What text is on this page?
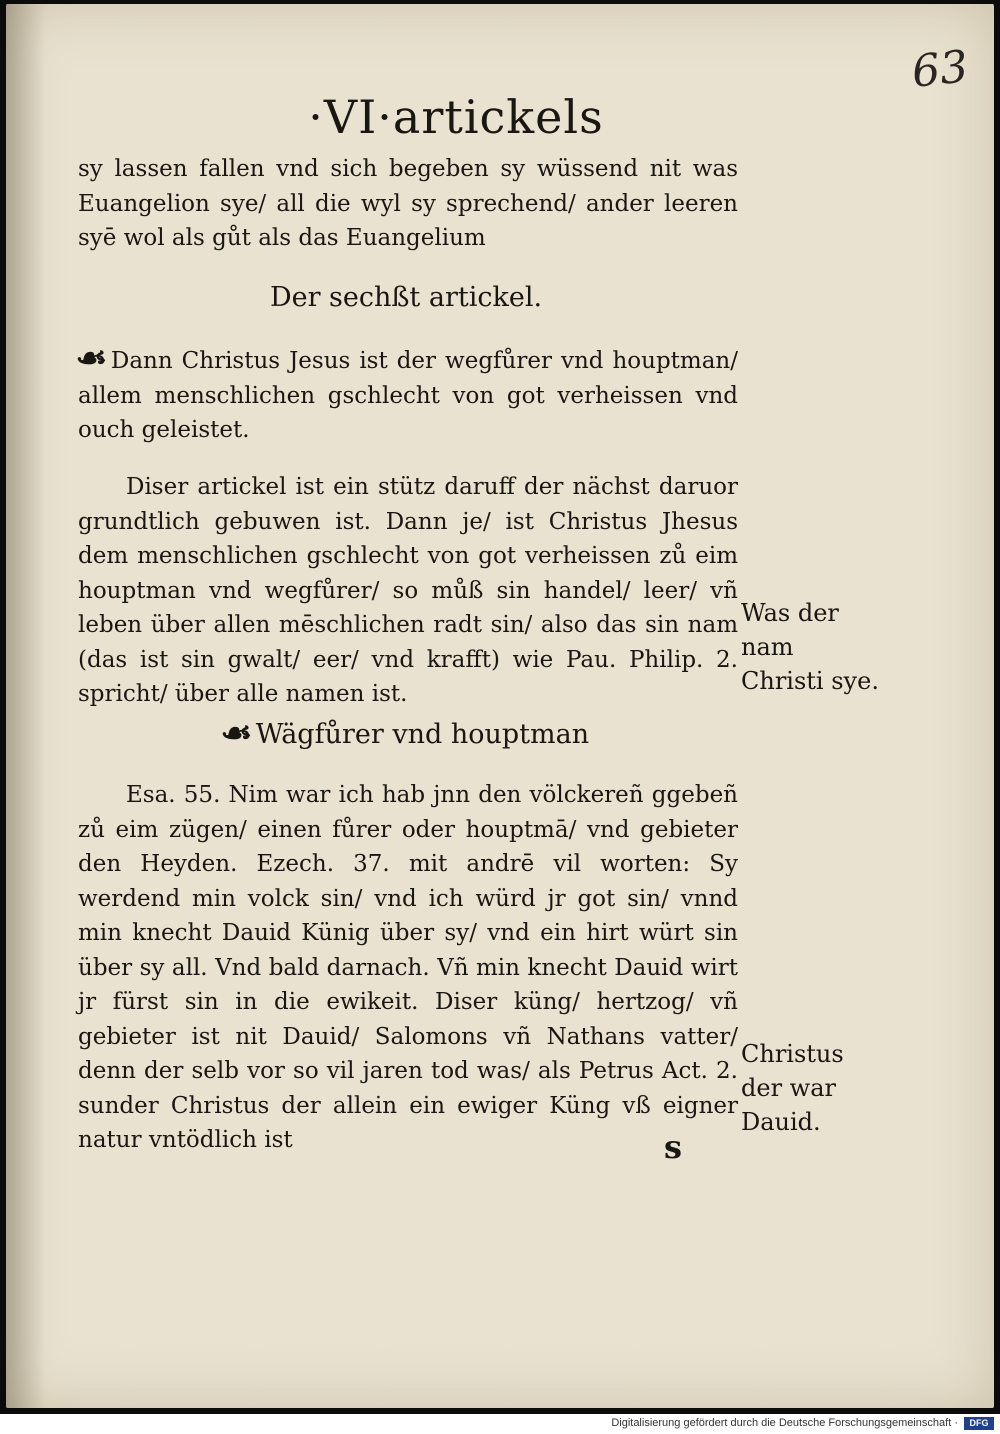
63
·VI·artickels
sy lassen fallen vnd sich begeben sy wüssend nit was Euangelion sye/ all die wyl sy sprechend/ ander leeren syē wol als gůt als das Euangelium
Der sechßt artickel.
☙ Dann Christus Jesus ist der wegfůrer vnd houptman/ allem menschlichen gschlecht von got verheissen vnd ouch geleistet.
Diser artickel ist ein stütz daruff der nächst daruor grundtlich gebuwen ist. Dann je/ ist Christus Jhesus dem menschlichen gschlecht von got verheissen zů eim houptman vnd wegfůrer/ so můß sin handel/ leer/ vñ leben über allen mēschlichen radt sin/ also das sin nam (das ist sin gwalt/ eer/ vnd krafft) wie Pau. Philip. 2. spricht/ über alle namen ist.
Was der nam Christi sye.
☙ Wägfůrer vnd houptman
Esa. 55. Nim war ich hab jnn den völckereñ ggebeñ zů eim zügen/ einen fůrer oder houptmā/ vnd gebieter den Heyden. Ezech. 37. mit andrē vil worten: Sy werdend min volck sin/ vnd ich würd jr got sin/ vnnd min knecht Dauid Künig über sy/ vnd ein hirt würt sin über sy all. Vnd bald darnach. Vñ min knecht Dauid wirt jr fürst sin in die ewikeit. Diser küng/ hertzog/ vñ gebieter ist nit Dauid/ Salomons vñ Nathans vatter/ denn der selb vor so vil jaren tod was/ als Petrus Act. 2. sunder Christus der allein ein ewiger Küng vß eigner natur vntödlich ist
Christus der war Dauid.
s
Digitalisierung gefördert durch die Deutsche Forschungsgemeinschaft ·	DFG
